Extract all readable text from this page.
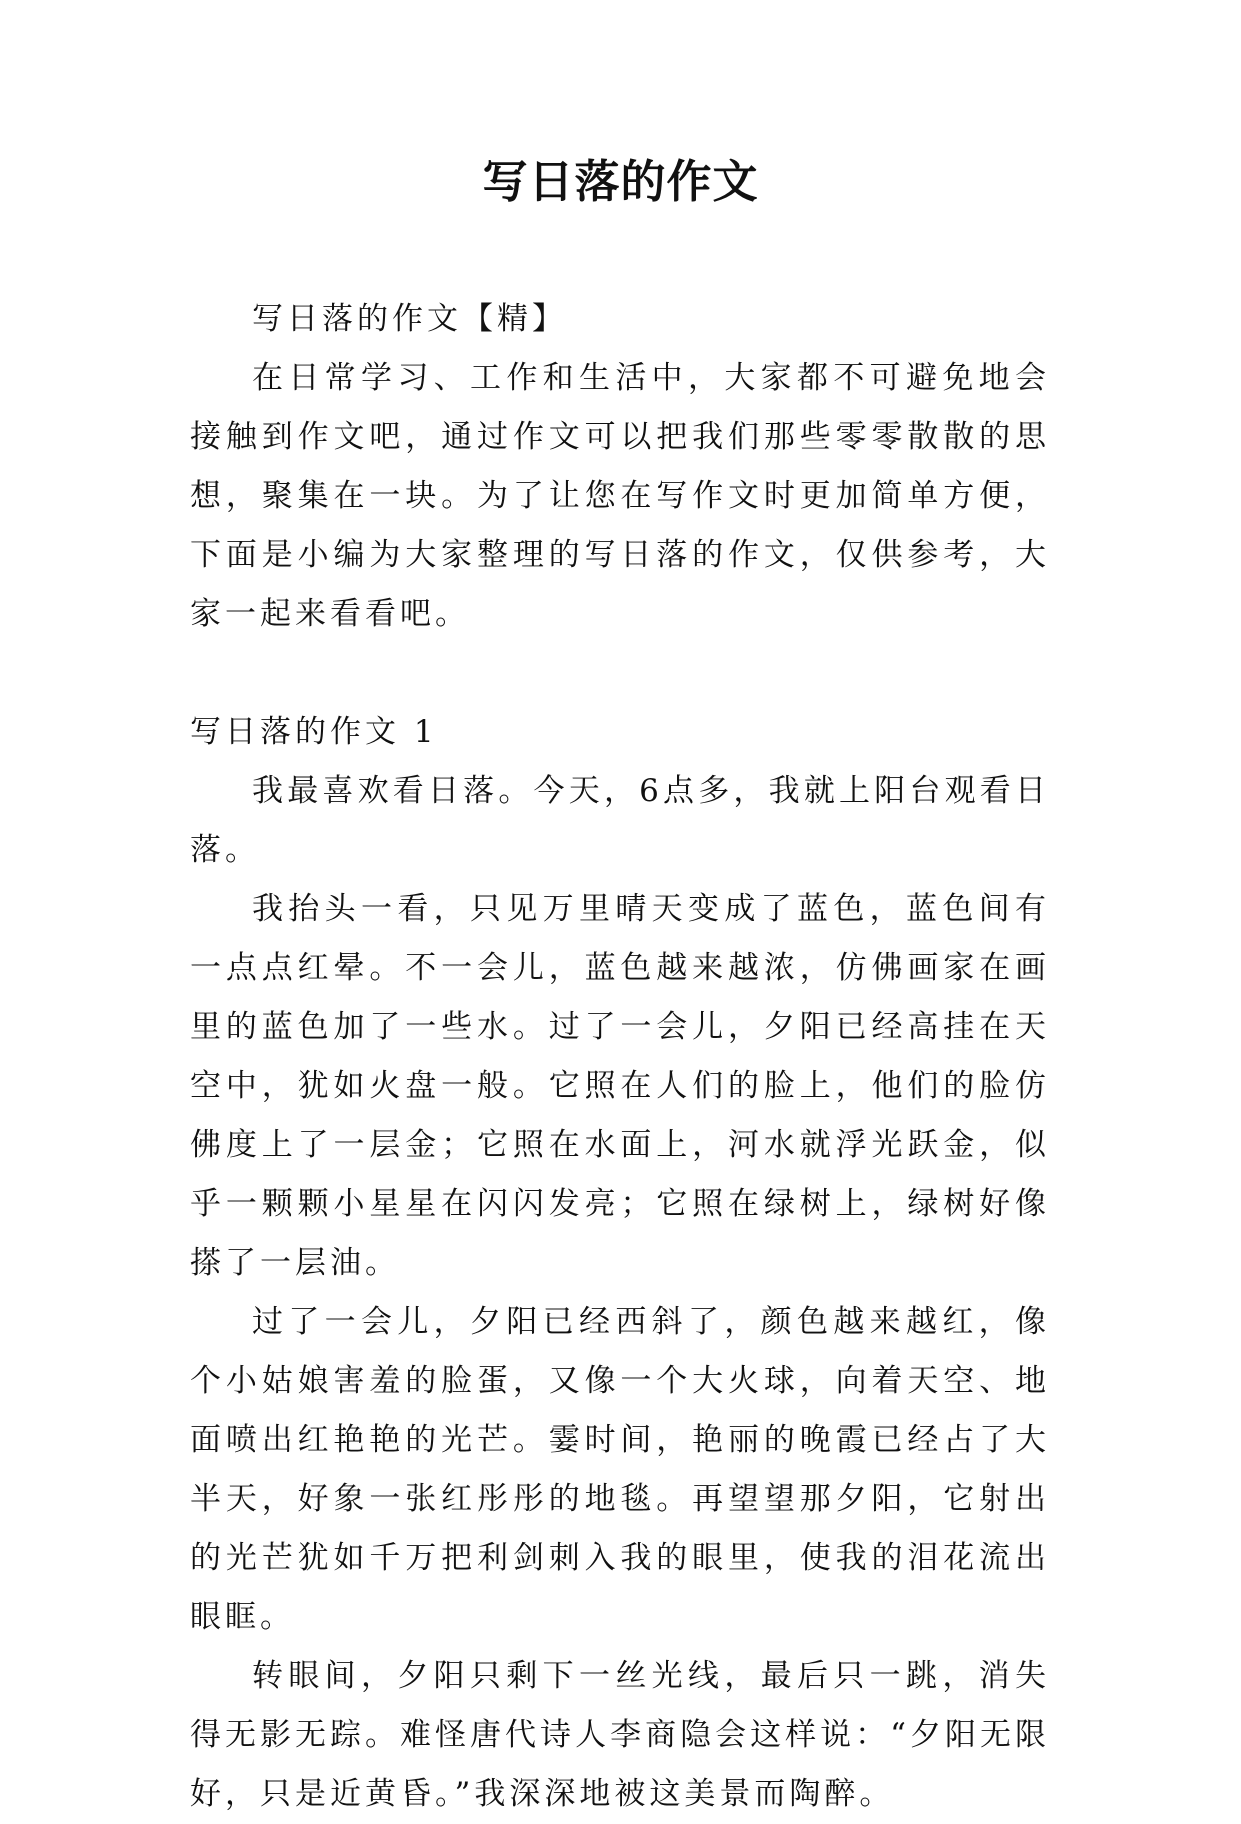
写日落的作文

写日落的作文【精】

在日常学习、工作和生活中，大家都不可避免地会接触到作文吧，通过作文可以把我们那些零零散散的思想，聚集在一块。为了让您在写作文时更加简单方便，下面是小编为大家整理的写日落的作文，仅供参考，大家一起来看看吧。

写日落的作文 1

我最喜欢看日落。今天，6点多，我就上阳台观看日落。

我抬头一看，只见万里晴天变成了蓝色，蓝色间有一点点红晕。不一会儿，蓝色越来越浓，仿佛画家在画里的蓝色加了一些水。过了一会儿，夕阳已经高挂在天空中，犹如火盘一般。它照在人们的脸上，他们的脸仿佛度上了一层金；它照在水面上，河水就浮光跃金，似乎一颗颗小星星在闪闪发亮；它照在绿树上，绿树好像搽了一层油。

过了一会儿，夕阳已经西斜了，颜色越来越红，像个小姑娘害羞的脸蛋，又像一个大火球，向着天空、地面喷出红艳艳的光芒。霎时间，艳丽的晚霞已经占了大半天，好象一张红彤彤的地毯。再望望那夕阳，它射出的光芒犹如千万把利剑刺入我的眼里，使我的泪花流出眼眶。

转眼间，夕阳只剩下一丝光线，最后只一跳，消失得无影无踪。难怪唐代诗人李商隐会这样说：“夕阳无限好，只是近黄昏。”我深深地被这美景而陶醉。
